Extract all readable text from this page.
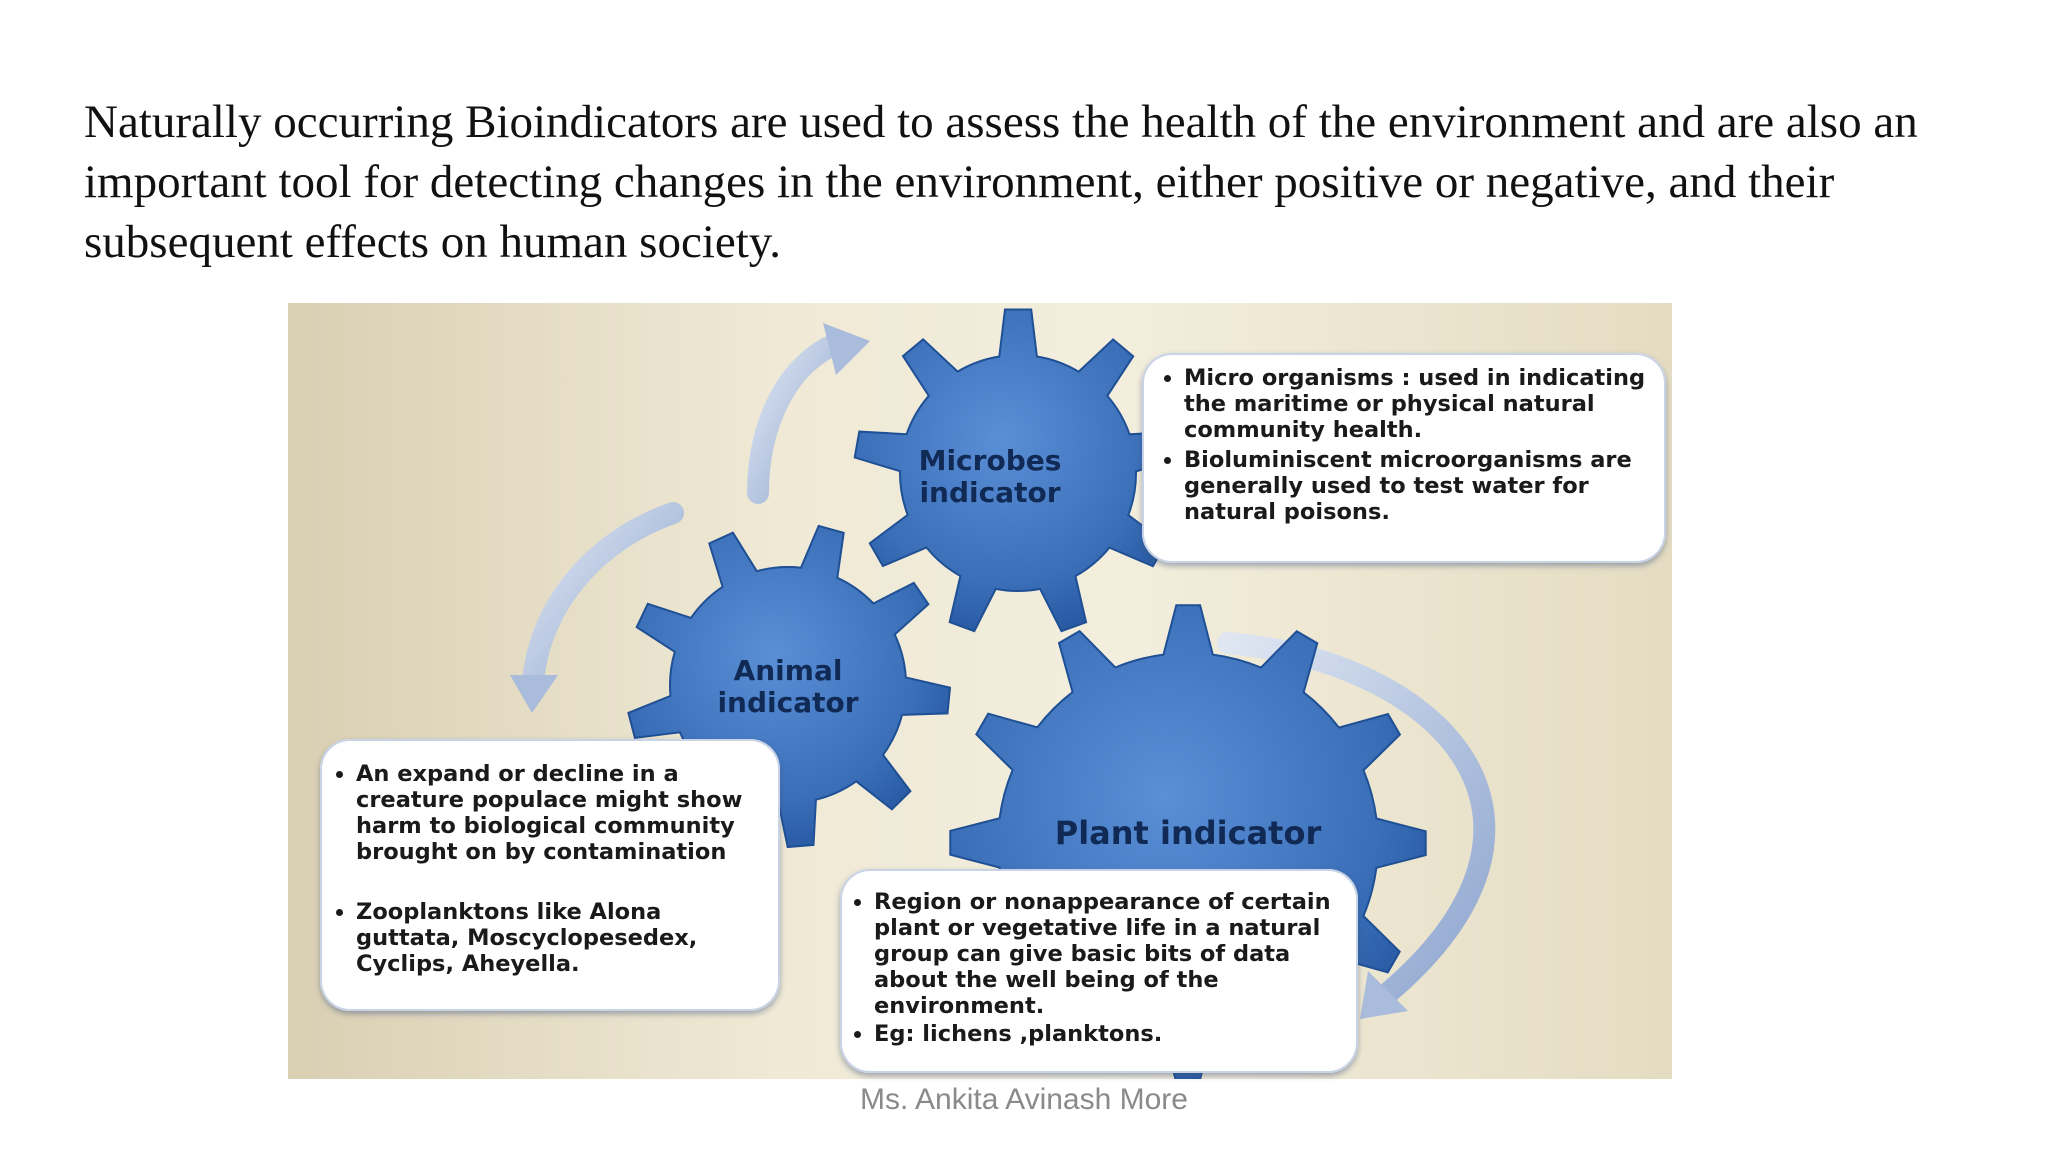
Naturally occurring Bioindicators are used to assess the health of the environment and are also an important tool for detecting changes in the environment, either positive or negative, and their subsequent effects on human society.

Microbes indicator
Animal indicator
Plant indicator
• Micro organisms : used in indicating the maritime or physical natural community health.
• Bioluminiscent microorganisms are generally used to test water for natural poisons.
• An expand or decline in a creature populace might show harm to biological community brought on by contamination
• Zooplanktons like Alona guttata, Moscyclopesedex, Cyclips, Aheyella.
• Region or nonappearance of certain plant or vegetative life in a natural group can give basic bits of data about the well being of the environment.
• Eg: lichens ,planktons.
Ms. Ankita Avinash More
